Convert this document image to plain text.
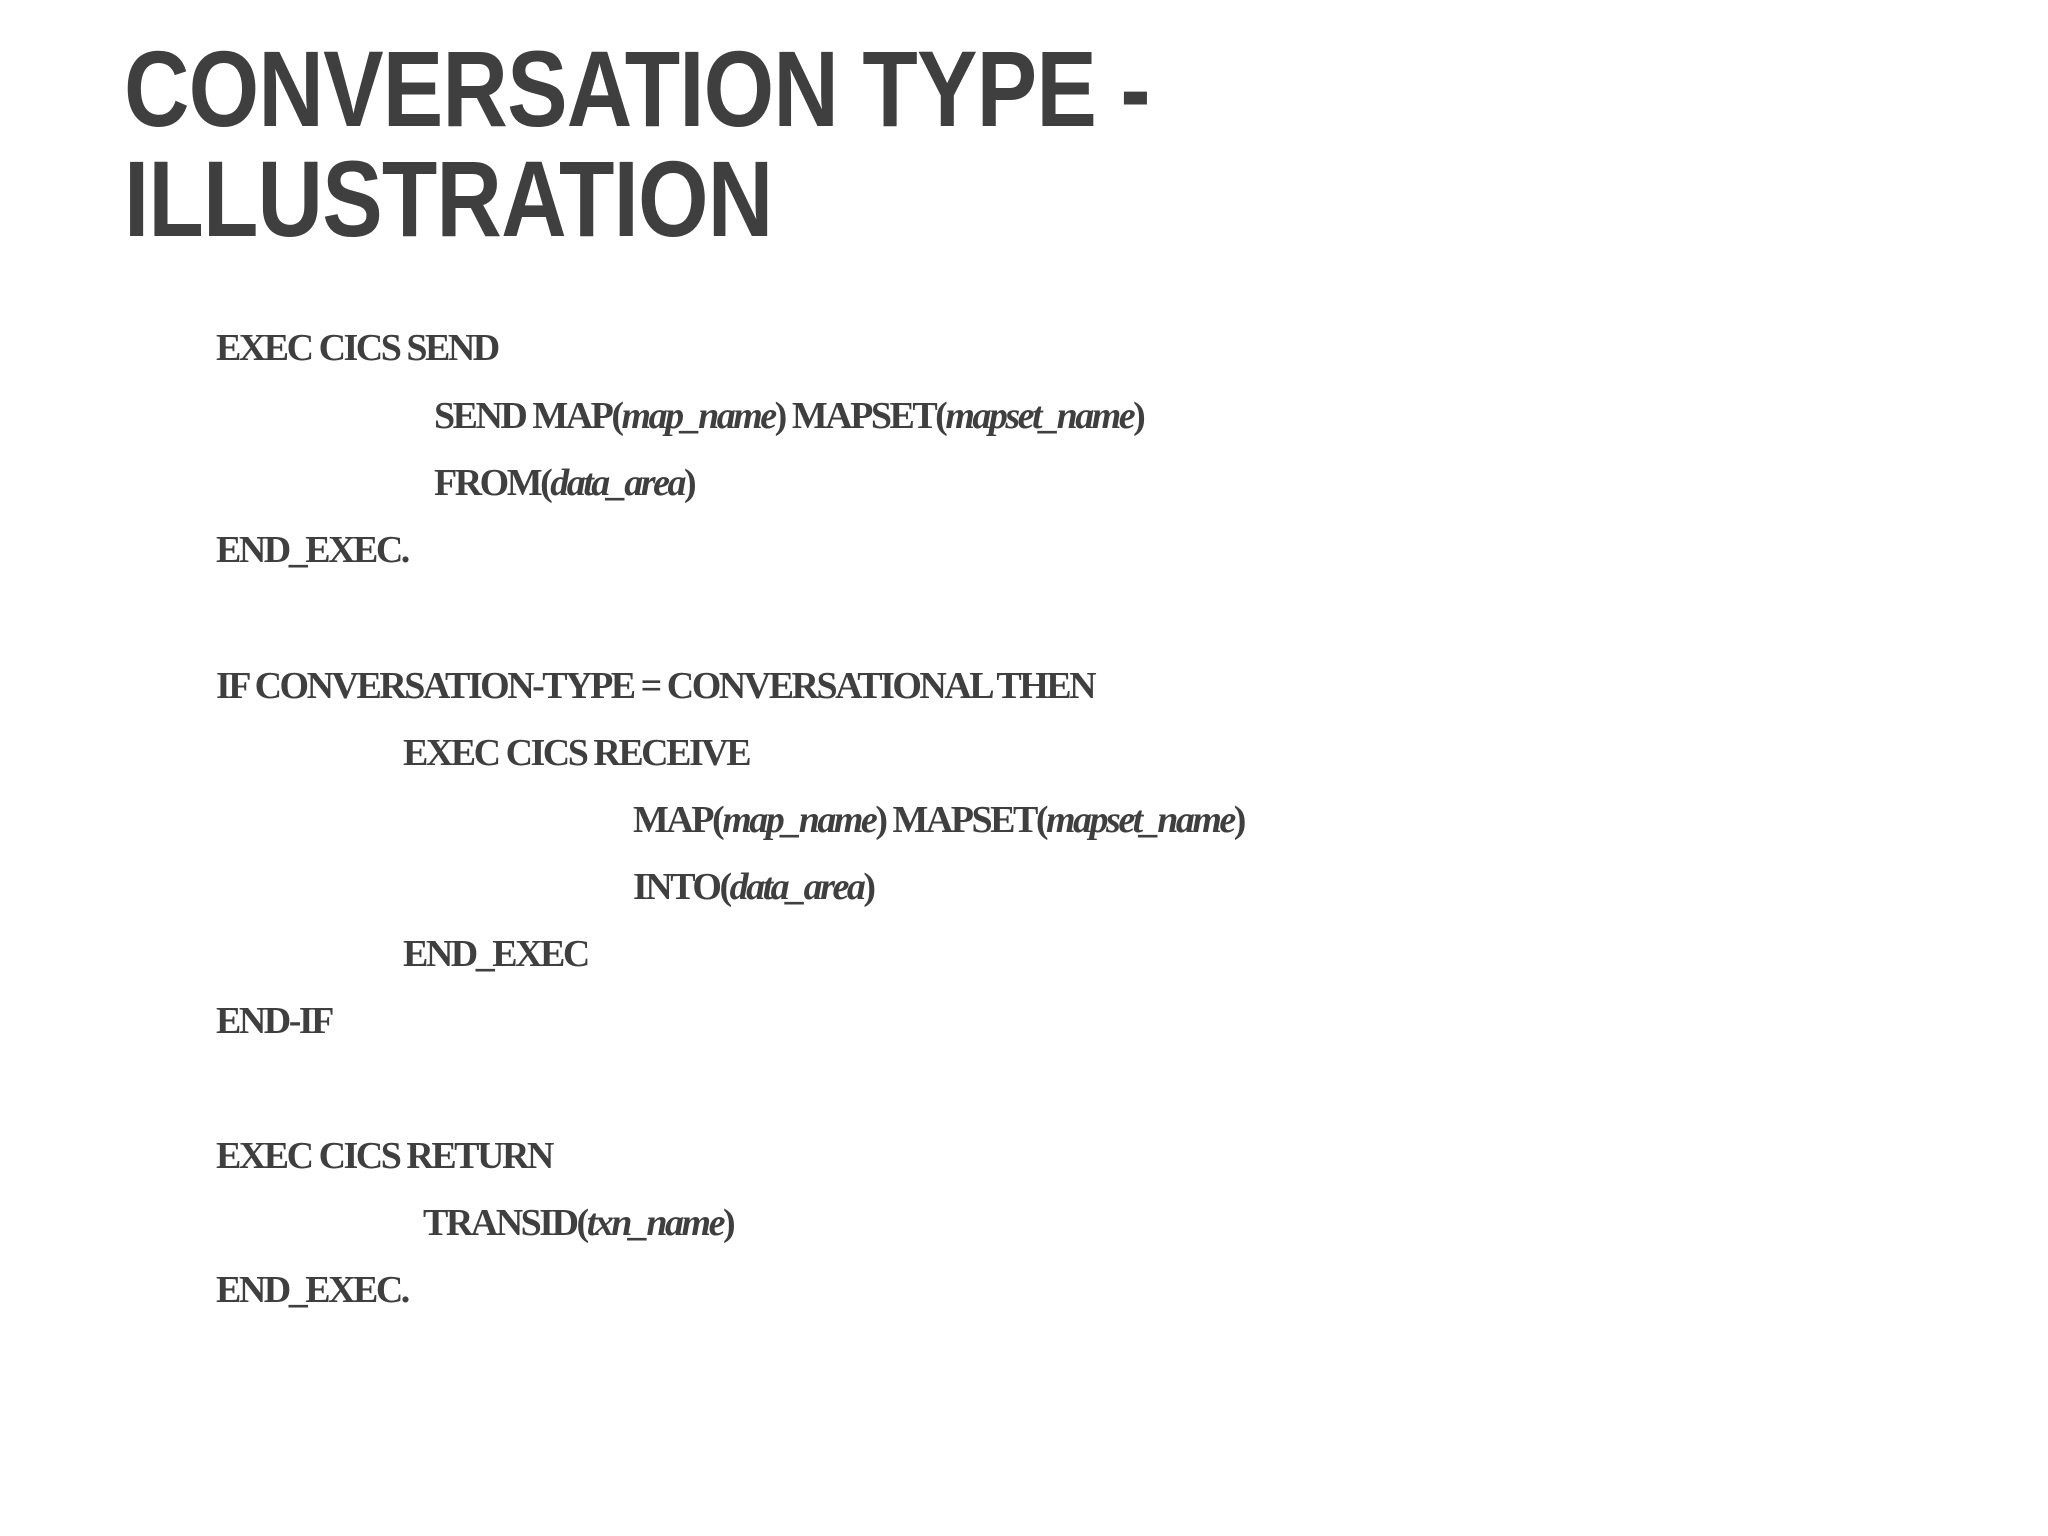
CONVERSATION TYPE -
ILLUSTRATION
EXEC CICS SEND
SEND MAP(map_name) MAPSET(mapset_name)
FROM(data_area)
END_EXEC.
IF CONVERSATION-TYPE = CONVERSATIONAL THEN
EXEC CICS RECEIVE
MAP(map_name) MAPSET(mapset_name)
INTO(data_area)
END_EXEC
END-IF
EXEC CICS RETURN
TRANSID(txn_name)
END_EXEC.
